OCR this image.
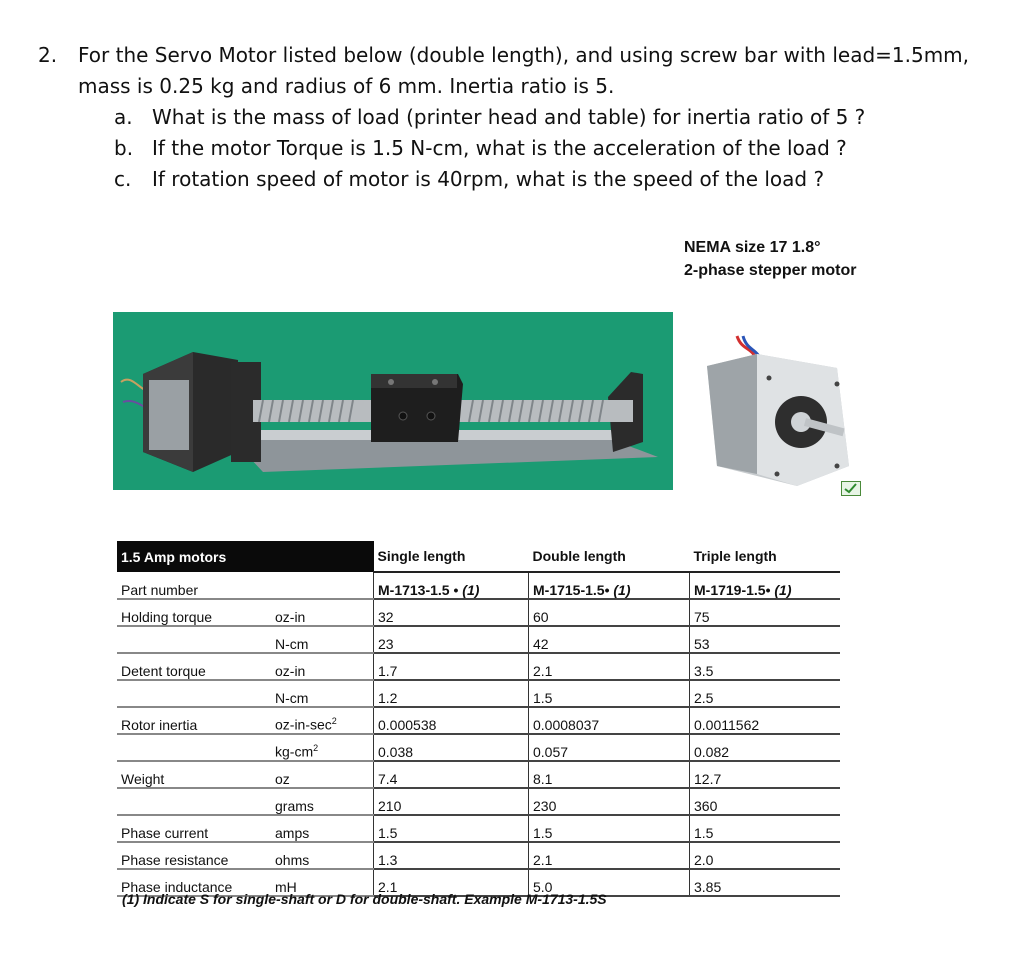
2.	For the Servo Motor listed below (double length), and using screw bar with lead=1.5mm,
mass is 0.25 kg and radius of 6 mm. Inertia ratio is 5.
a. What is the mass of load (printer head and table) for inertia ratio of 5 ?
b. If the motor Torque is 1.5 N-cm, what is the acceleration of the load ?
c.	If rotation speed of motor is 40rpm, what is the speed of the load ?
NEMA size 17 1.8°
2-phase stepper motor
1.5 Amp motors		Single length	Double length	Triple length
Part number		M-1713-1.5 • (1)	M-1715-1.5• (1)	M-1719-1.5• (1)
Holding torque	oz-in	32	60	75
	N-cm	23	42	53
Detent torque	oz-in	1.7	2.1	3.5
	N-cm	1.2	1.5	2.5
Rotor inertia	$oz-in-\sec^2$	0.000538	0.0008037	0.0011562
	$kg-cm^2$	0.038	0.057	0.082
Weight	oz	7.4	8.1	12.7
	grams	210	230	360
Phase current	amps	1.5	1.5	1.5
Phase resistance	ohms	1.3	2.1	2.0
Phase inductance	mH	2.1	5.0	3.85
(1) Indicate S for single-shaft or D for double-shaft. Example M-1713-1.5S
